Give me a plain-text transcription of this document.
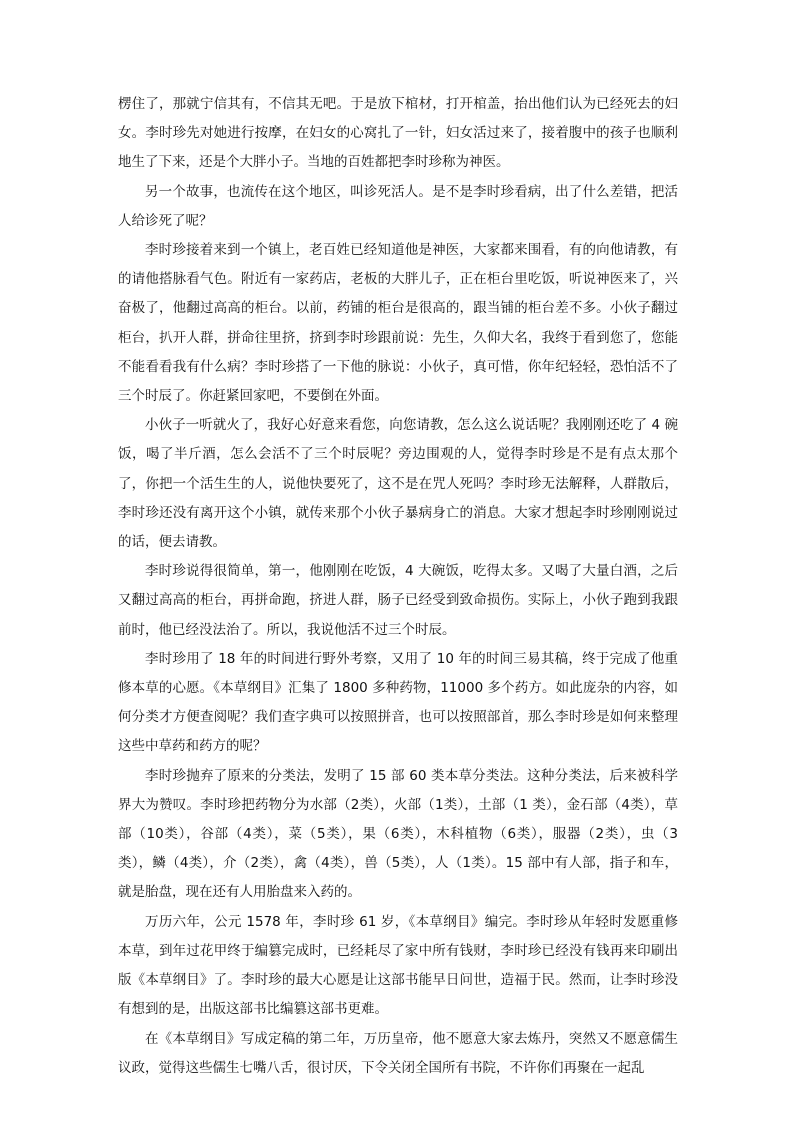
楞住了，那就宁信其有，不信其无吧。于是放下棺材，打开棺盖，抬出他们认为已经死去的妇女。李时珍先对她进行按摩，在妇女的心窝扎了一针，妇女活过来了，接着腹中的孩子也顺利地生了下来，还是个大胖小子。当地的百姓都把李时珍称为神医。

另一个故事，也流传在这个地区，叫诊死活人。是不是李时珍看病，出了什么差错，把活人给诊死了呢？

李时珍接着来到一个镇上，老百姓已经知道他是神医，大家都来围看，有的向他请教，有的请他搭脉看气色。附近有一家药店，老板的大胖儿子，正在柜台里吃饭，听说神医来了，兴奋极了，他翻过高高的柜台。以前，药铺的柜台是很高的，跟当铺的柜台差不多。小伙子翻过柜台，扒开人群，拼命往里挤，挤到李时珍跟前说：先生，久仰大名，我终于看到您了，您能不能看看我有什么病？李时珍搭了一下他的脉说：小伙子，真可惜，你年纪轻轻，恐怕活不了三个时辰了。你赶紧回家吧，不要倒在外面。

小伙子一听就火了，我好心好意来看您，向您请教，怎么这么说话呢？我刚刚还吃了 4 碗饭，喝了半斤酒，怎么会活不了三个时辰呢？旁边围观的人，觉得李时珍是不是有点太那个了，你把一个活生生的人，说他快要死了，这不是在咒人死吗？李时珍无法解释，人群散后，李时珍还没有离开这个小镇，就传来那个小伙子暴病身亡的消息。大家才想起李时珍刚刚说过的话，便去请教。

李时珍说得很简单，第一，他刚刚在吃饭，4 大碗饭，吃得太多。又喝了大量白酒，之后又翻过高高的柜台，再拼命跑，挤进人群，肠子已经受到致命损伤。实际上，小伙子跑到我跟前时，他已经没法治了。所以，我说他活不过三个时辰。

李时珍用了 18 年的时间进行野外考察，又用了 10 年的时间三易其稿，终于完成了他重修本草的心愿。《本草纲目》汇集了 1800 多种药物，11000 多个药方。如此庞杂的内容，如何分类才方便查阅呢？我们查字典可以按照拼音，也可以按照部首，那么李时珍是如何来整理这些中草药和药方的呢？

李时珍抛弃了原来的分类法，发明了 15 部 60 类本草分类法。这种分类法，后来被科学界大为赞叹。李时珍把药物分为水部（2类），火部（1类），土部（1 类），金石部（4类），草部（10类），谷部（4类），菜（5类），果（6类），木科植物（6类），服器（2类），虫（3类），鳞（4类），介（2类），禽（4类），兽（5类），人（1类）。15 部中有人部，指子和车，就是胎盘，现在还有人用胎盘来入药的。

万历六年，公元 1578 年，李时珍 61 岁，《本草纲目》编完。李时珍从年轻时发愿重修本草，到年过花甲终于编篡完成时，已经耗尽了家中所有钱财，李时珍已经没有钱再来印刷出版《本草纲目》了。李时珍的最大心愿是让这部书能早日问世，造福于民。然而，让李时珍没有想到的是，出版这部书比编篡这部书更难。

在《本草纲目》写成定稿的第二年，万历皇帝，他不愿意大家去炼丹，突然又不愿意儒生议政，觉得这些儒生七嘴八舌，很讨厌，下令关闭全国所有书院，不许你们再聚在一起乱
